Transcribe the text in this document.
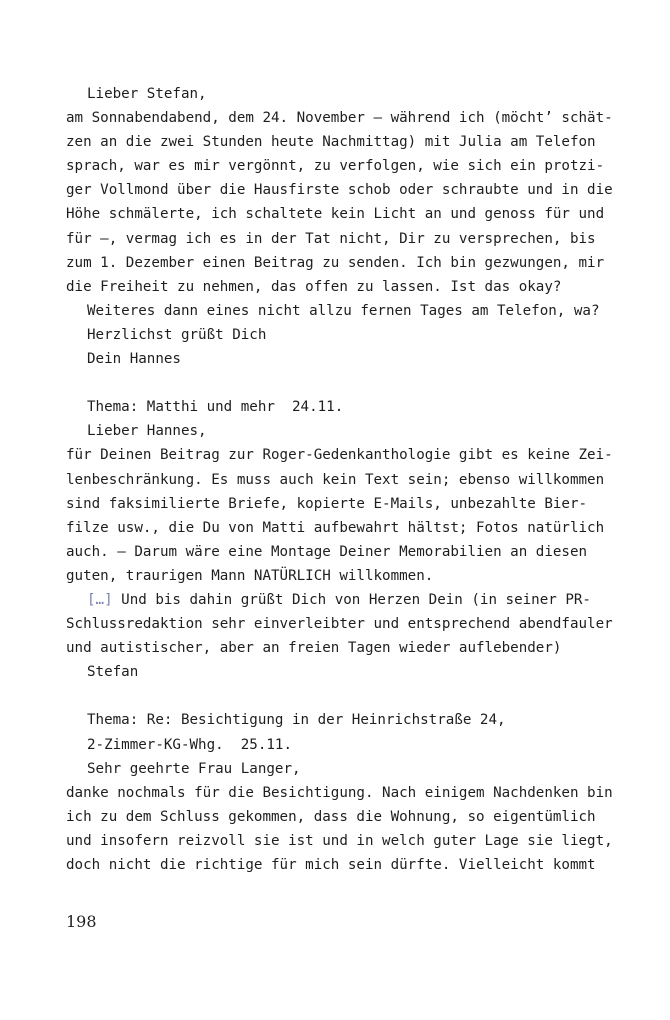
Lieber Stefan,
am Sonnabendabend, dem 24. November – während ich (möcht’ schät-
zen an die zwei Stunden heute Nachmittag) mit Julia am Telefon
sprach, war es mir vergönnt, zu verfolgen, wie sich ein protzi-
ger Vollmond über die Hausfirste schob oder schraubte und in die
Höhe schmälerte, ich schaltete kein Licht an und genoss für und
für –, vermag ich es in der Tat nicht, Dir zu versprechen, bis
zum 1. Dezember einen Beitrag zu senden. Ich bin gezwungen, mir
die Freiheit zu nehmen, das offen zu lassen. Ist das okay?
Weiteres dann eines nicht allzu fernen Tages am Telefon, wa?
Herzlichst grüßt Dich
Dein Hannes
Thema: Matthi und mehr  24.11.
Lieber Hannes,
für Deinen Beitrag zur Roger-Gedenkanthologie gibt es keine Zei-
lenbeschränkung. Es muss auch kein Text sein; ebenso willkommen
sind faksimilierte Briefe, kopierte E-Mails, unbezahlte Bier-
filze usw., die Du von Matti aufbewahrt hältst; Fotos natürlich
auch. – Darum wäre eine Montage Deiner Memorabilien an diesen
guten, traurigen Mann NATÜRLICH willkommen.
[…] Und bis dahin grüßt Dich von Herzen Dein (in seiner PR-
Schlussredaktion sehr einverleibter und entsprechend abendfauler
und autistischer, aber an freien Tagen wieder auflebender)
Stefan
Thema: Re: Besichtigung in der Heinrichstraße 24,
2-Zimmer-KG-Whg.  25.11.
Sehr geehrte Frau Langer,
danke nochmals für die Besichtigung. Nach einigem Nachdenken bin
ich zu dem Schluss gekommen, dass die Wohnung, so eigentümlich
und insofern reizvoll sie ist und in welch guter Lage sie liegt,
doch nicht die richtige für mich sein dürfte. Vielleicht kommt
198
